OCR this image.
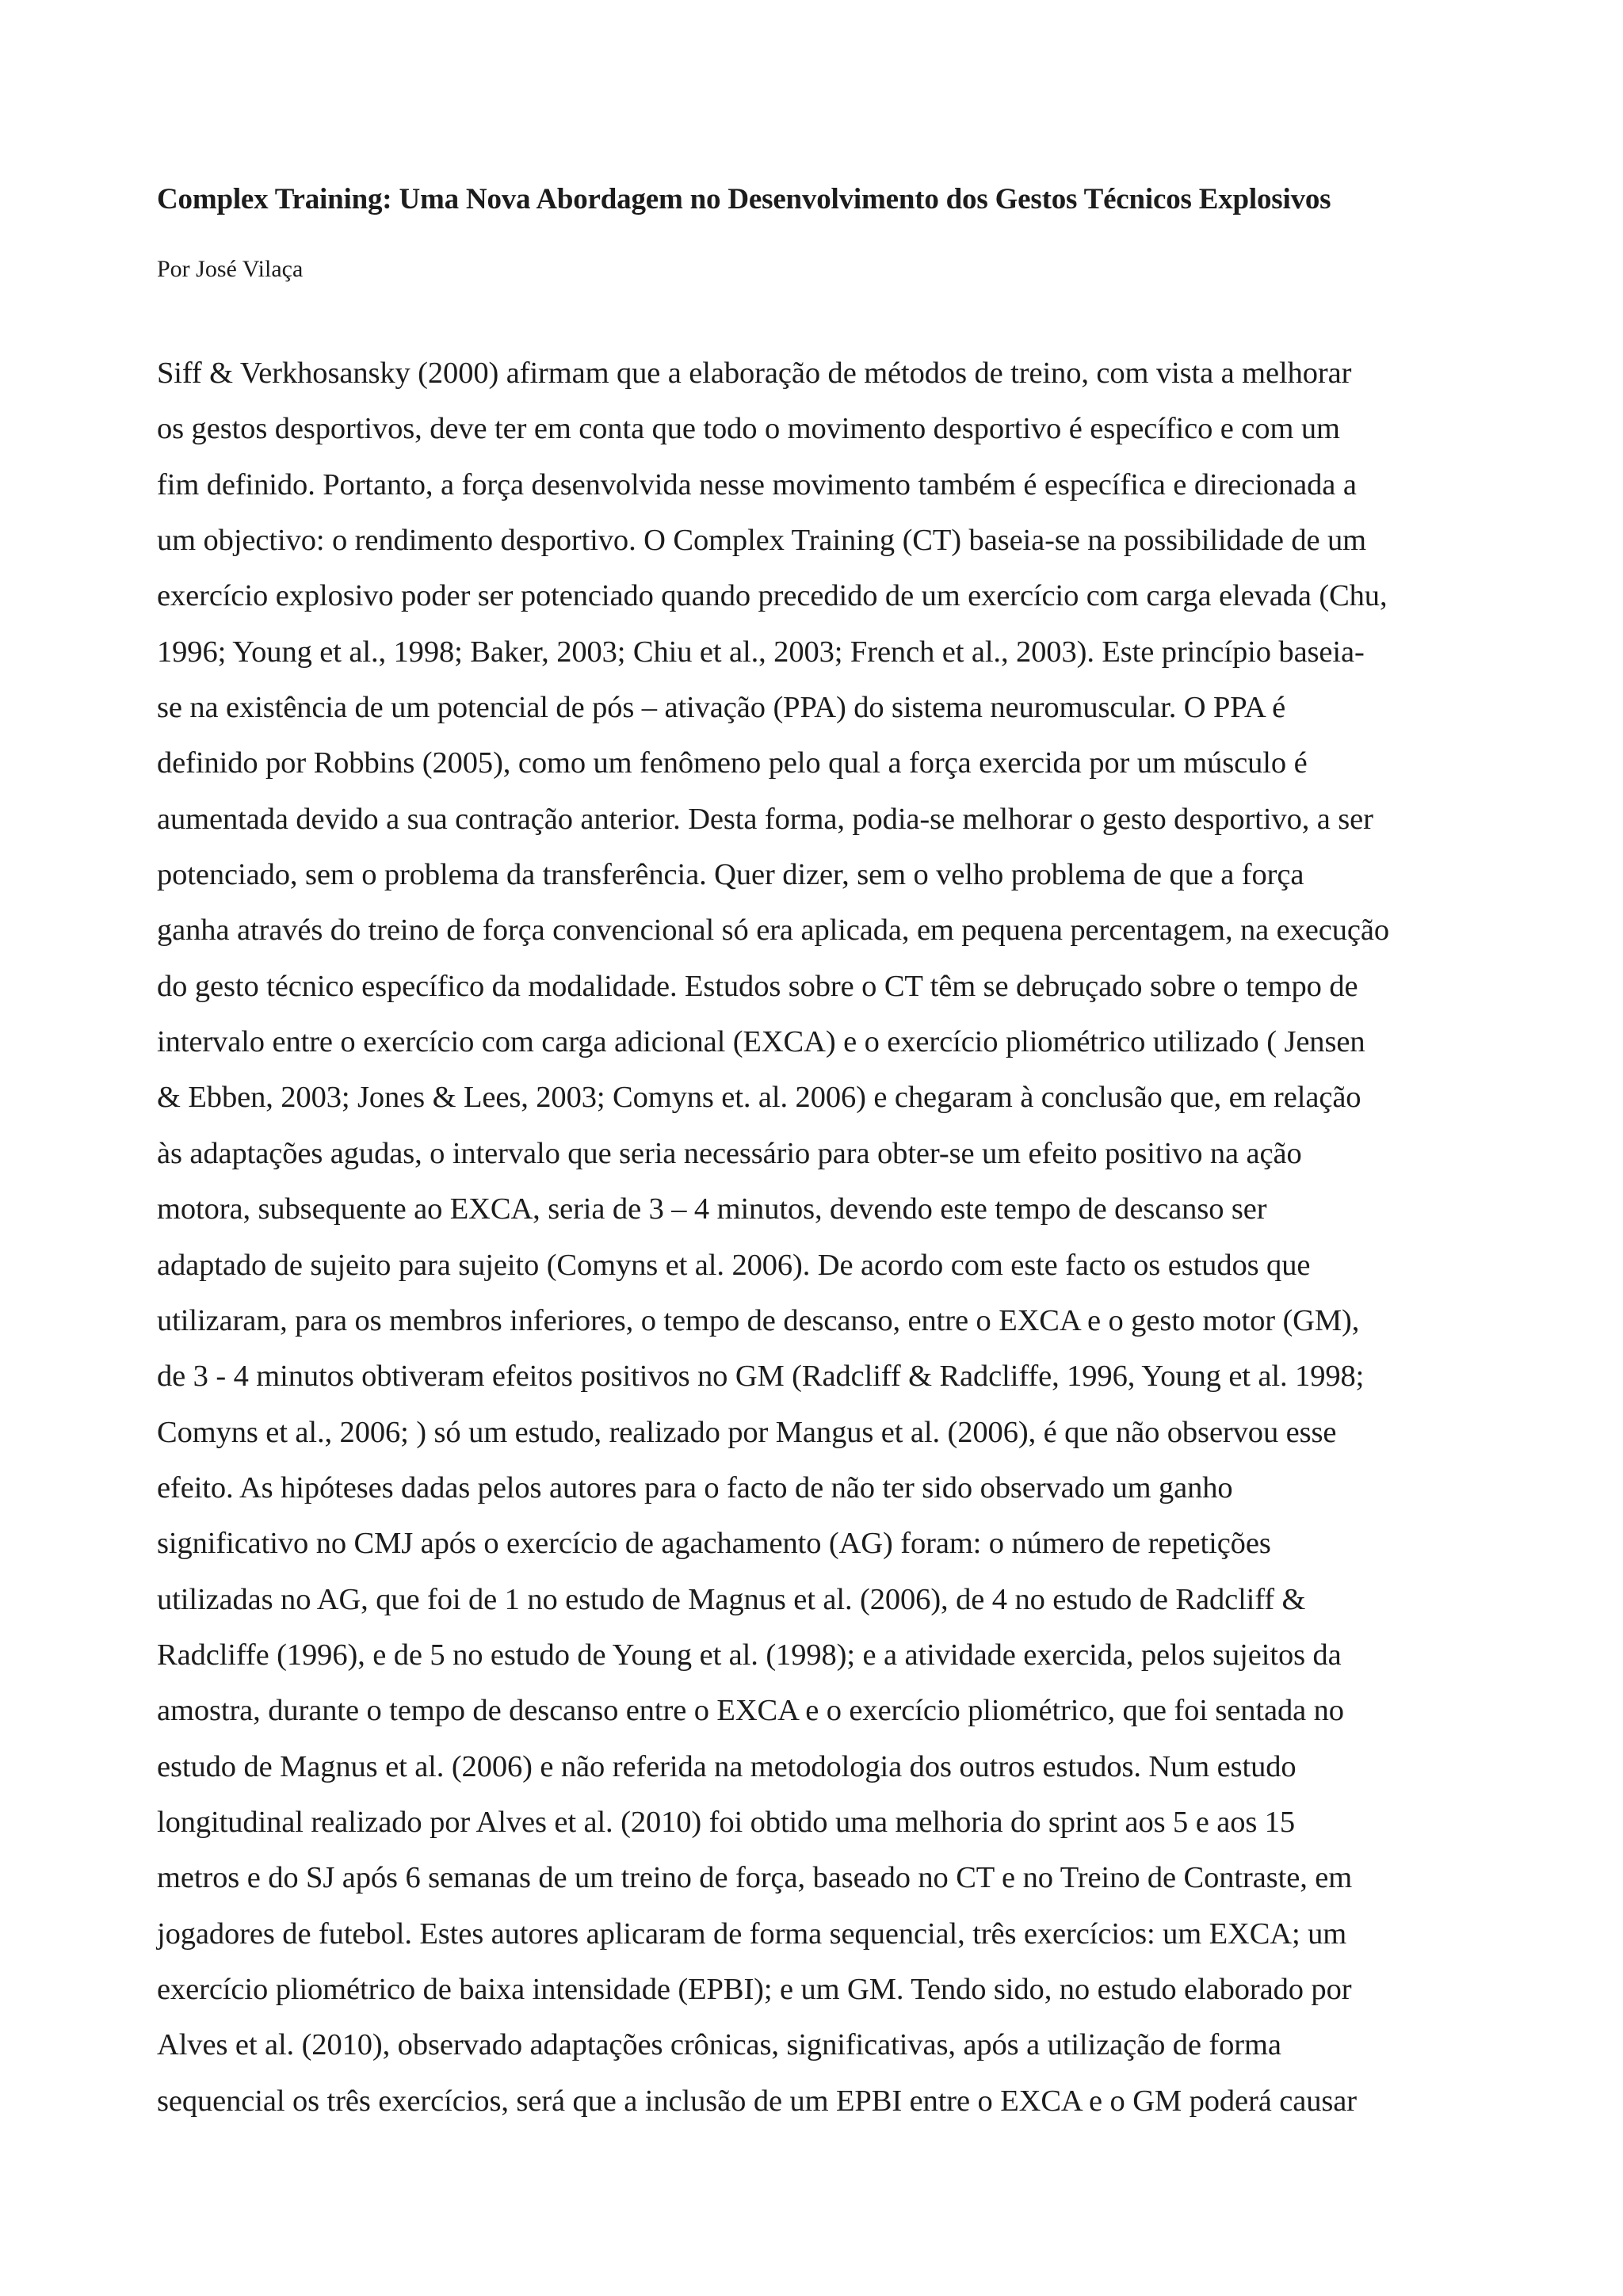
Complex Training: Uma Nova Abordagem no Desenvolvimento dos Gestos Técnicos Explosivos

Por José Vilaça

Siff & Verkhosansky (2000) afirmam que a elaboração de métodos de treino, com vista a melhorar
os gestos desportivos, deve ter em conta que todo o movimento desportivo é específico e com um
fim definido. Portanto, a força desenvolvida nesse movimento também é específica e direcionada a
um objectivo: o rendimento desportivo. O Complex Training (CT) baseia-se na possibilidade de um
exercício explosivo poder ser potenciado quando precedido de um exercício com carga elevada (Chu,
1996; Young et al., 1998; Baker, 2003; Chiu et al., 2003; French et al., 2003). Este princípio baseia-
se na existência de um potencial de pós – ativação (PPA) do sistema neuromuscular. O PPA é
definido por Robbins (2005), como um fenômeno pelo qual a força exercida por um músculo é
aumentada devido a sua contração anterior. Desta forma, podia-se melhorar o gesto desportivo, a ser
potenciado, sem o problema da transferência. Quer dizer, sem o velho problema de que a força
ganha através do treino de força convencional só era aplicada, em pequena percentagem, na execução
do gesto técnico específico da modalidade. Estudos sobre o CT têm se debruçado sobre o tempo de
intervalo entre o exercício com carga adicional (EXCA) e o exercício pliométrico utilizado ( Jensen
& Ebben, 2003; Jones & Lees, 2003; Comyns et. al. 2006) e chegaram à conclusão que, em relação
às adaptações agudas, o intervalo que seria necessário para obter-se um efeito positivo na ação
motora, subsequente ao EXCA, seria de 3 – 4 minutos, devendo este tempo de descanso ser
adaptado de sujeito para sujeito (Comyns et al. 2006). De acordo com este facto os estudos que
utilizaram, para os membros inferiores, o tempo de descanso, entre o EXCA e o gesto motor (GM),
de 3 - 4 minutos obtiveram efeitos positivos no GM (Radcliff & Radcliffe, 1996, Young et al. 1998;
Comyns et al., 2006; ) só um estudo, realizado por Mangus et al. (2006), é que não observou esse
efeito. As hipóteses dadas pelos autores para o facto de não ter sido observado um ganho
significativo no CMJ após o exercício de agachamento (AG) foram: o número de repetições
utilizadas no AG, que foi de 1 no estudo de Magnus et al. (2006), de 4 no estudo de Radcliff &
Radcliffe (1996), e de 5 no estudo de Young et al. (1998); e a atividade exercida, pelos sujeitos da
amostra, durante o tempo de descanso entre o EXCA e o exercício pliométrico, que foi sentada no
estudo de Magnus et al. (2006) e não referida na metodologia dos outros estudos. Num estudo
longitudinal realizado por Alves et al. (2010) foi obtido uma melhoria do sprint aos 5 e aos 15
metros e do SJ após 6 semanas de um treino de força, baseado no CT e no Treino de Contraste, em
jogadores de futebol. Estes autores aplicaram de forma sequencial, três exercícios: um EXCA; um
exercício pliométrico de baixa intensidade (EPBI); e um GM. Tendo sido, no estudo elaborado por
Alves et al. (2010), observado adaptações crônicas, significativas, após a utilização de forma
sequencial os três exercícios, será que a inclusão de um EPBI entre o EXCA e o GM poderá causar
